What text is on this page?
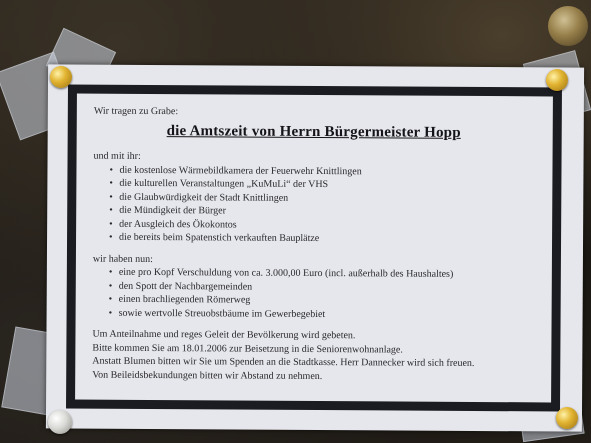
Wir tragen zu Grabe:

die Amtszeit von Herrn Bürgermeister Hopp

und mit ihr:

• die kostenlose Wärmebildkamera der Feuerwehr Knittlingen
• die kulturellen Veranstaltungen „KuMuLi“ der VHS
• die Glaubwürdigkeit der Stadt Knittlingen
• die Mündigkeit der Bürger
• der Ausgleich des Ökokontos
• die bereits beim Spatenstich verkauften Bauplätze

wir haben nun:

• eine pro Kopf Verschuldung von ca. 3.000,00 Euro (incl. außerhalb des Haushaltes)
• den Spott der Nachbargemeinden
• einen brachliegenden Römerweg
• sowie wertvolle Streuobstbäume im Gewerbegebiet

Um Anteilnahme und reges Geleit der Bevölkerung wird gebeten.

Bitte kommen Sie am 18.01.2006 zur Beisetzung in die Seniorenwohnanlage.

Anstatt Blumen bitten wir Sie um Spenden an die Stadtkasse. Herr Dannecker wird sich freuen.

Von Beileidsbekundungen bitten wir Abstand zu nehmen.
